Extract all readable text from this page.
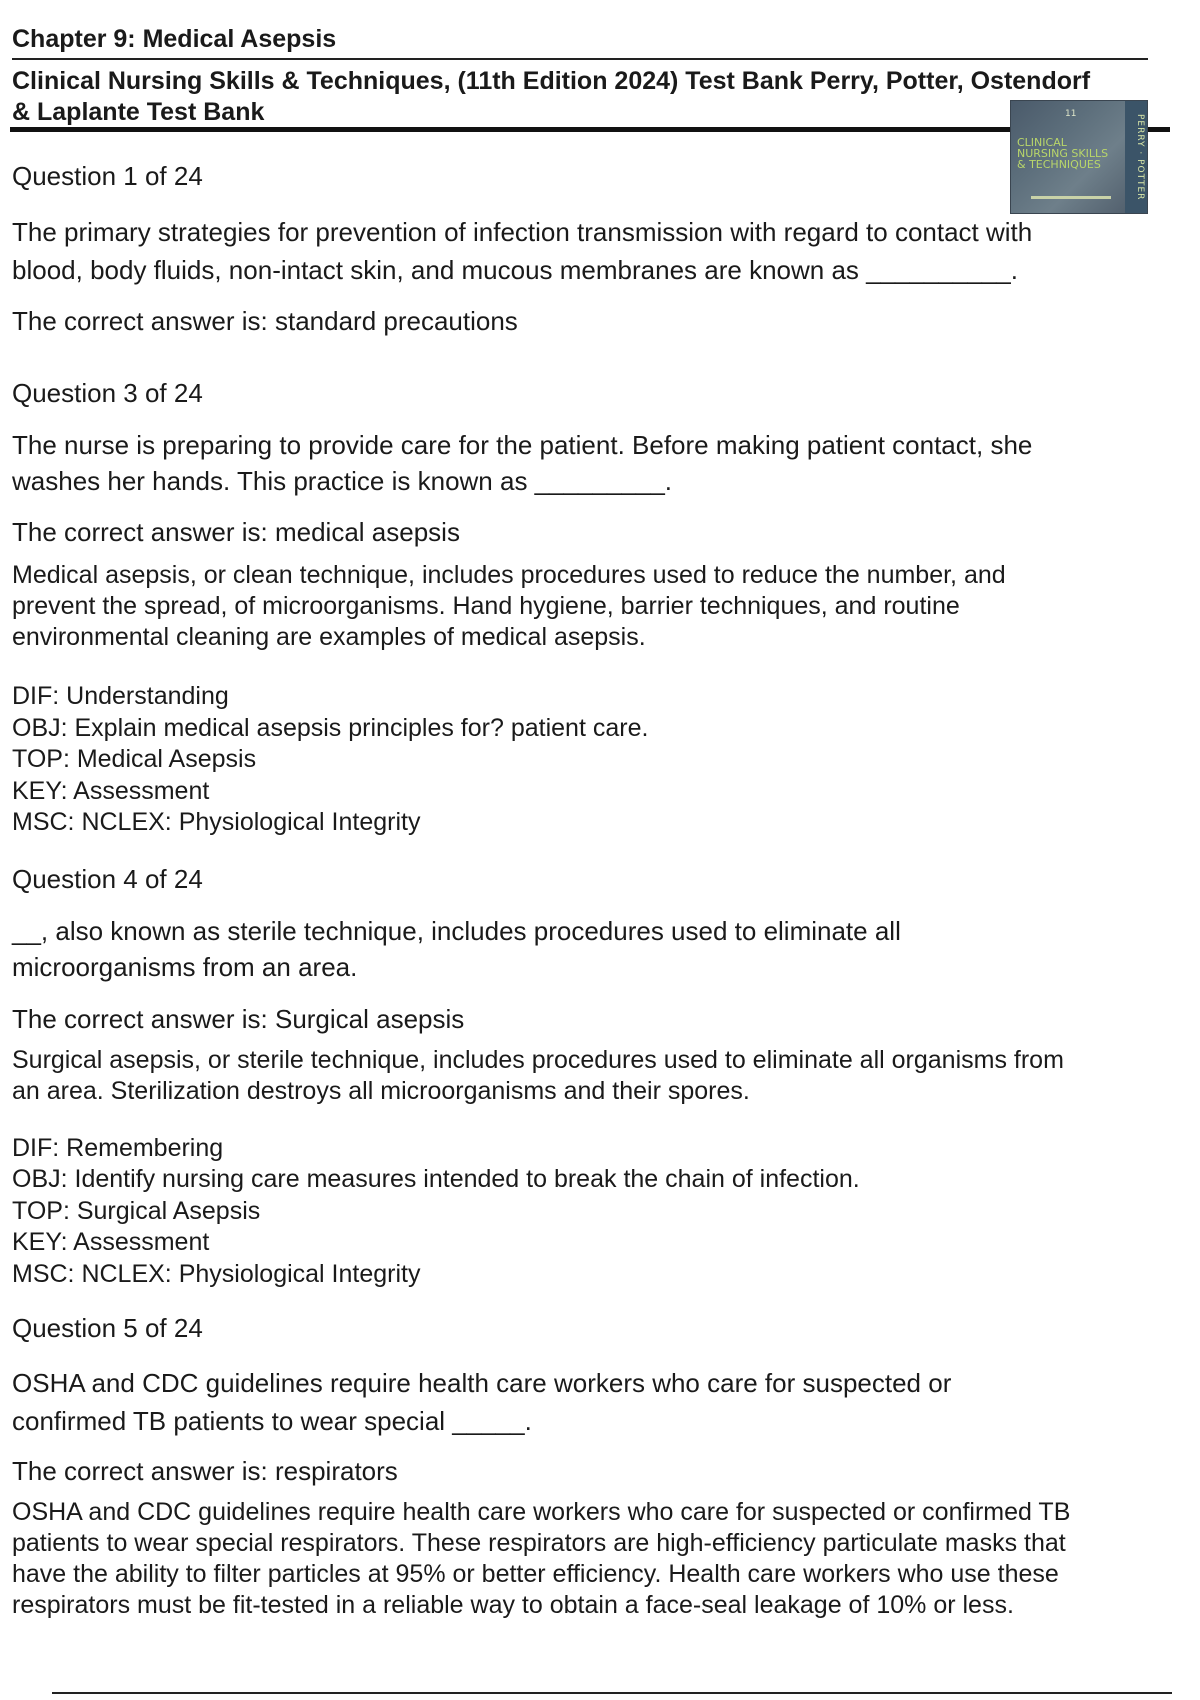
Chapter 9: Medical Asepsis
Clinical Nursing Skills & Techniques, (11th Edition 2024) Test Bank Perry, Potter, Ostendorf
& Laplante Test Bank	11
CLINICAL NURSING SKILLS & TECHNIQUES	PERRY · POTTER

Question 1 of 24

The primary strategies for prevention of infection transmission with regard to contact with
blood, body fluids, non-intact skin, and mucous membranes are known as __________.

The correct answer is: standard precautions

Question 3 of 24

The nurse is preparing to provide care for the patient. Before making patient contact, she
washes her hands. This practice is known as _________.

The correct answer is: medical asepsis

Medical asepsis, or clean technique, includes procedures used to reduce the number, and
prevent the spread, of microorganisms. Hand hygiene, barrier techniques, and routine
environmental cleaning are examples of medical asepsis.

DIF: Understanding

OBJ: Explain medical asepsis principles for? patient care.

TOP: Medical Asepsis

KEY: Assessment

MSC: NCLEX: Physiological Integrity

Question 4 of 24

__, also known as sterile technique, includes procedures used to eliminate all
microorganisms from an area.

The correct answer is: Surgical asepsis

Surgical asepsis, or sterile technique, includes procedures used to eliminate all organisms from
an area. Sterilization destroys all microorganisms and their spores.

DIF: Remembering

OBJ: Identify nursing care measures intended to break the chain of infection.

TOP: Surgical Asepsis

KEY: Assessment

MSC: NCLEX: Physiological Integrity

Question 5 of 24

OSHA and CDC guidelines require health care workers who care for suspected or
confirmed TB patients to wear special _____.

The correct answer is: respirators

OSHA and CDC guidelines require health care workers who care for suspected or confirmed TB
patients to wear special respirators. These respirators are high-efficiency particulate masks that
have the ability to filter particles at 95% or better efficiency. Health care workers who use these
respirators must be fit-tested in a reliable way to obtain a face-seal leakage of 10% or less.
